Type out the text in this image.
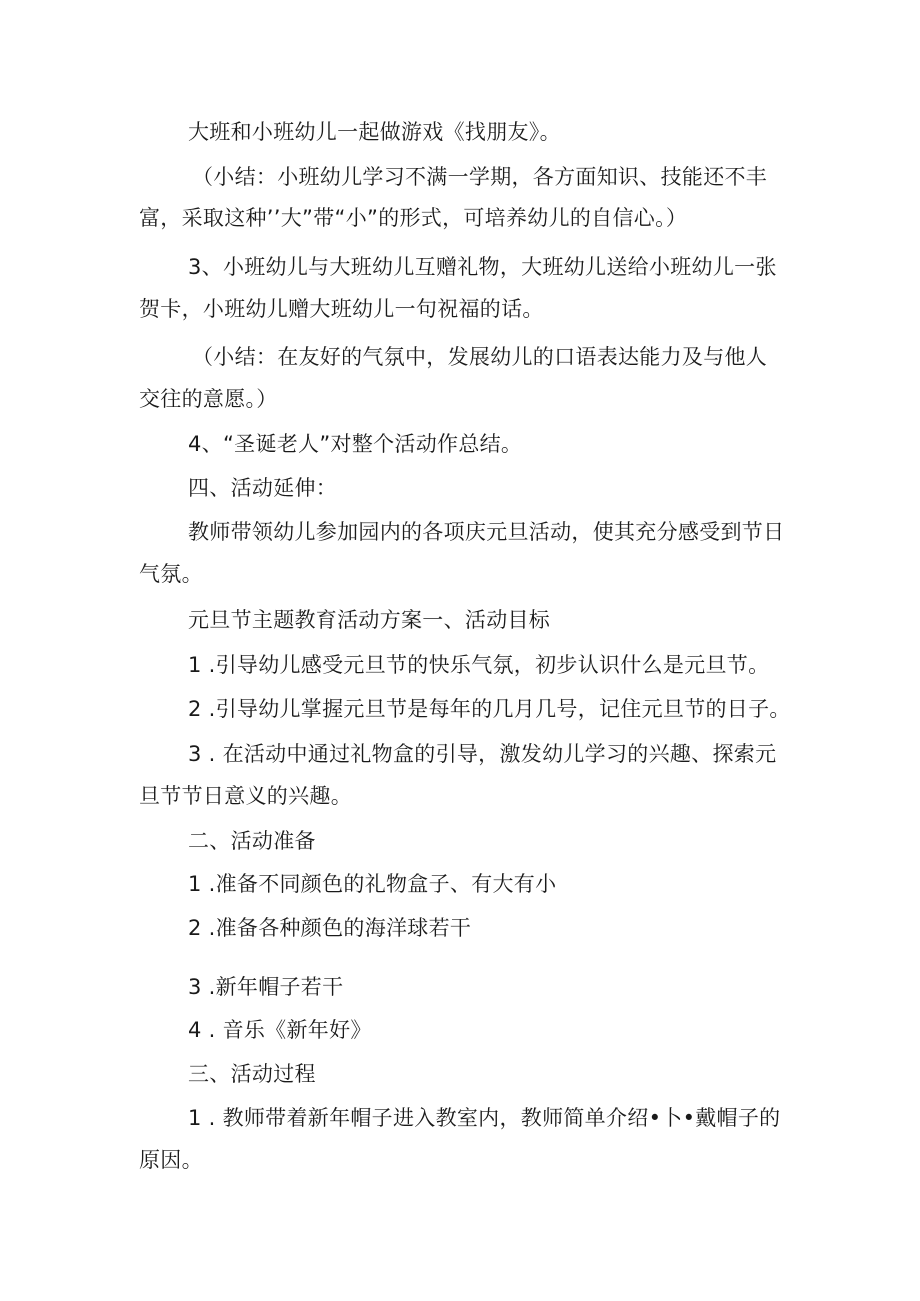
大班和小班幼儿一起做游戏《找朋友》。

（小结：小班幼儿学习不满一学期，各方面知识、技能还不丰

富，采取这种’’大”带“小”的形式，可培养幼儿的自信心。）

3、小班幼儿与大班幼儿互赠礼物，大班幼儿送给小班幼儿一张

贺卡，小班幼儿赠大班幼儿一句祝福的话。

（小结：在友好的气氛中，发展幼儿的口语表达能力及与他人

交往的意愿。）

4、“圣诞老人”对整个活动作总结。

四、活动延伸：

教师带领幼儿参加园内的各项庆元旦活动，使其充分感受到节日

气氛。

元旦节主题教育活动方案一、活动目标

1 .引导幼儿感受元旦节的快乐气氛，初步认识什么是元旦节。

2 .引导幼儿掌握元旦节是每年的几月几号，记住元旦节的日子。

3 . 在活动中通过礼物盒的引导，激发幼儿学习的兴趣、探索元

旦节节日意义的兴趣。

二、活动准备

1 .准备不同颜色的礼物盒子、有大有小

2 .准备各种颜色的海洋球若干

3 .新年帽子若干

4 . 音乐《新年好》

三、活动过程

1 . 教师带着新年帽子进入教室内，教师简单介绍•卜•戴帽子的

原因。
